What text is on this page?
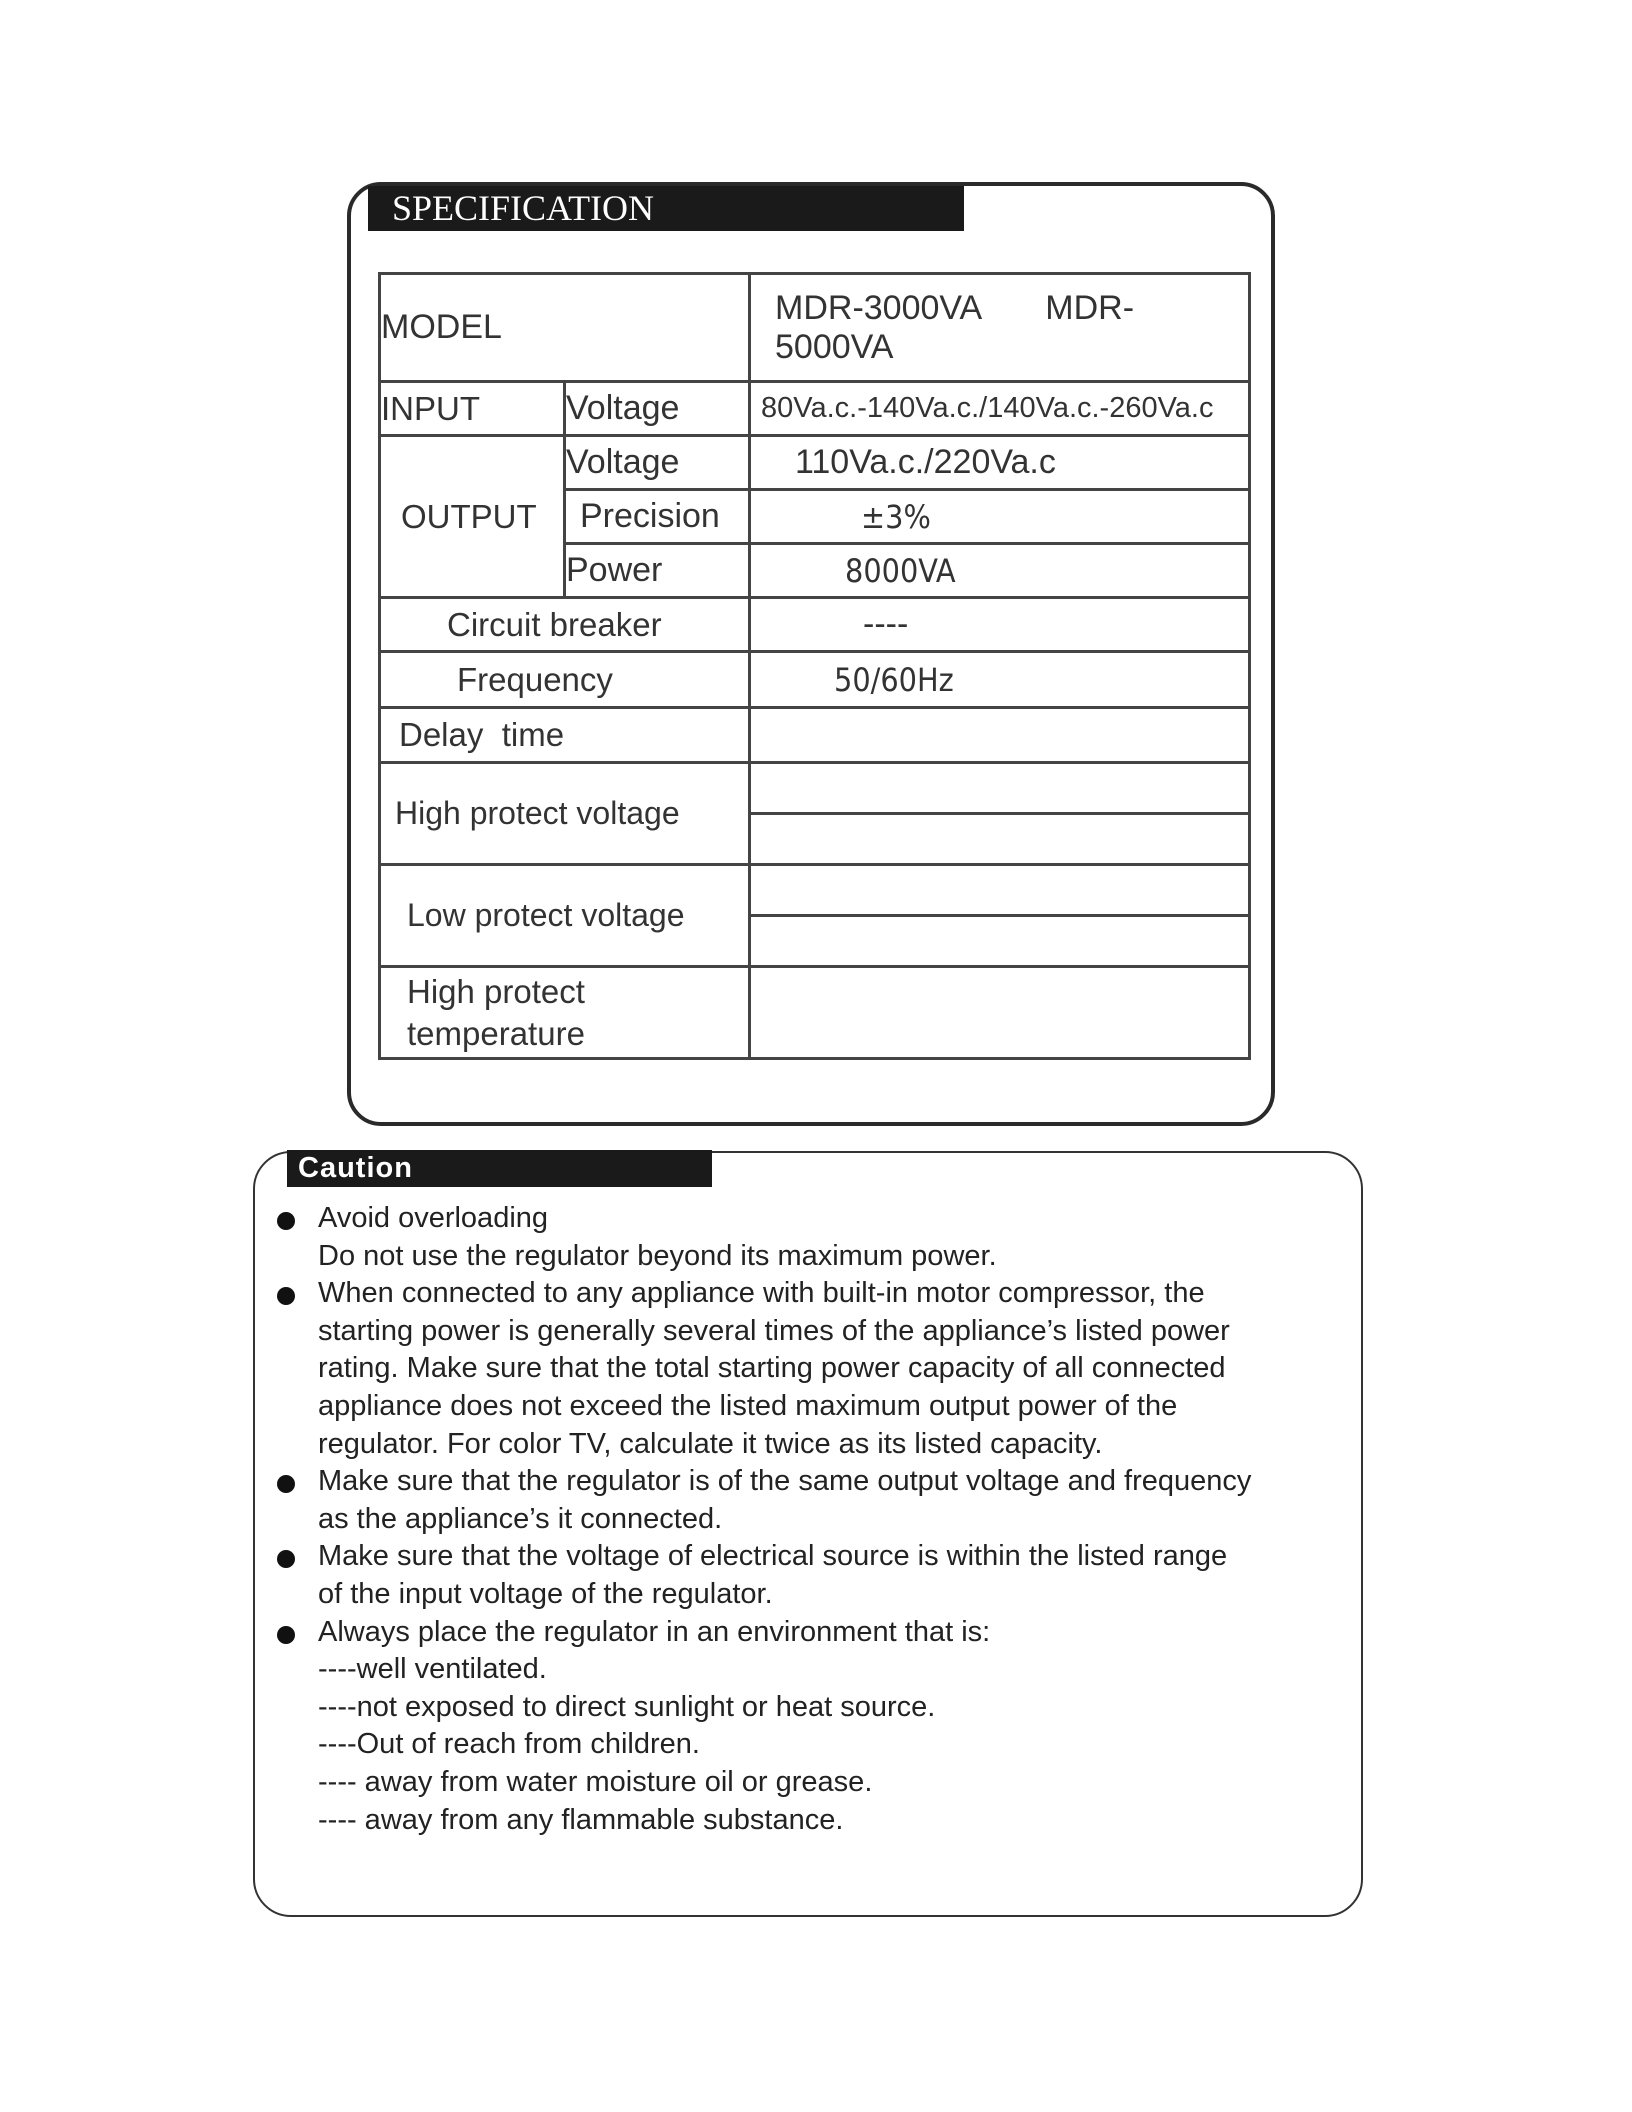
SPECIFICATION
MODEL		MDR-3000VA MDR-5000VA
INPUT	Voltage	80Va.c.-140Va.c./140Va.c.-260Va.c
OUTPUT	Voltage	110Va.c./220Va.c
	Precision	±3%
	Power	8000VA
Circuit breaker		----
Frequency		50/60Hz
Delay  time		
High protect voltage		

Low protect voltage		

High protect
temperature		

Caution
Avoid overloading
Do not use the regulator beyond its maximum power.
When connected to any appliance with built-in motor compressor, the
starting power is generally several times of the appliance’s listed power
rating. Make sure that the total starting power capacity of all connected
appliance does not exceed the listed maximum output power of the
regulator. For color TV, calculate it twice as its listed capacity.
Make sure that the regulator is of the same output voltage and frequency
as the appliance’s it connected.
Make sure that the voltage of electrical source is within the listed range
of the input voltage of the regulator.
Always place the regulator in an environment that is:
----well ventilated.
----not exposed to direct sunlight or heat source.
----Out of reach from children.
---- away from water moisture oil or grease.
---- away from any flammable substance.
